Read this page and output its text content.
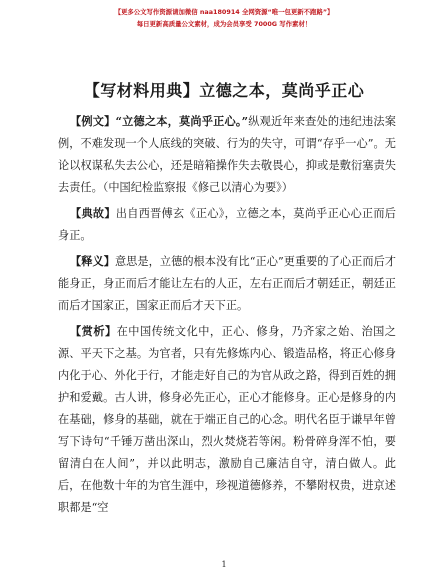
【更多公文写作资源请加微信 naa180914 全网资源“唯一包更新不跑路”】
每日更新高质量公文素材，成为会员享受 7000G 写作素材！
【写材料用典】立德之本，莫尚乎正心

【例文】“立德之本，莫尚乎正心。”纵观近年来查处的违纪违法案例，不难发现一个人底线的突破、行为的失守，可谓“存乎一心”。无论以权谋私失去公心，还是暗箱操作失去敬畏心，抑或是敷衍塞责失去责任。（中国纪检监察报《修己以清心为要》）

【典故】出自西晋傅玄《正心》，立德之本，莫尚乎正心心正而后身正。

【释义】意思是，立德的根本没有比“正心”更重要的了心正而后才能身正，身正而后才能让左右的人正，左右正而后才朝廷正，朝廷正而后才国家正，国家正而后才天下正。

【赏析】在中国传统文化中，正心、修身，乃齐家之始、治国之源、平天下之基。为官者，只有先修炼内心、锻造品格，将正心修身内化于心、外化于行，才能走好自己的为官从政之路，得到百姓的拥护和爱戴。古人讲，修身必先正心，正心才能修身。正心是修身的内在基础，修身的基础，就在于端正自己的心念。明代名臣于谦早年曾写下诗句“千锤万凿出深山，烈火焚烧若等闲。粉骨碎身浑不怕，要留清白在人间”，并以此明志，激励自己廉洁自守，清白做人。此后，在他数十年的为官生涯中，珍视道德修养，不攀附权贵，进京述职都是“空

1
